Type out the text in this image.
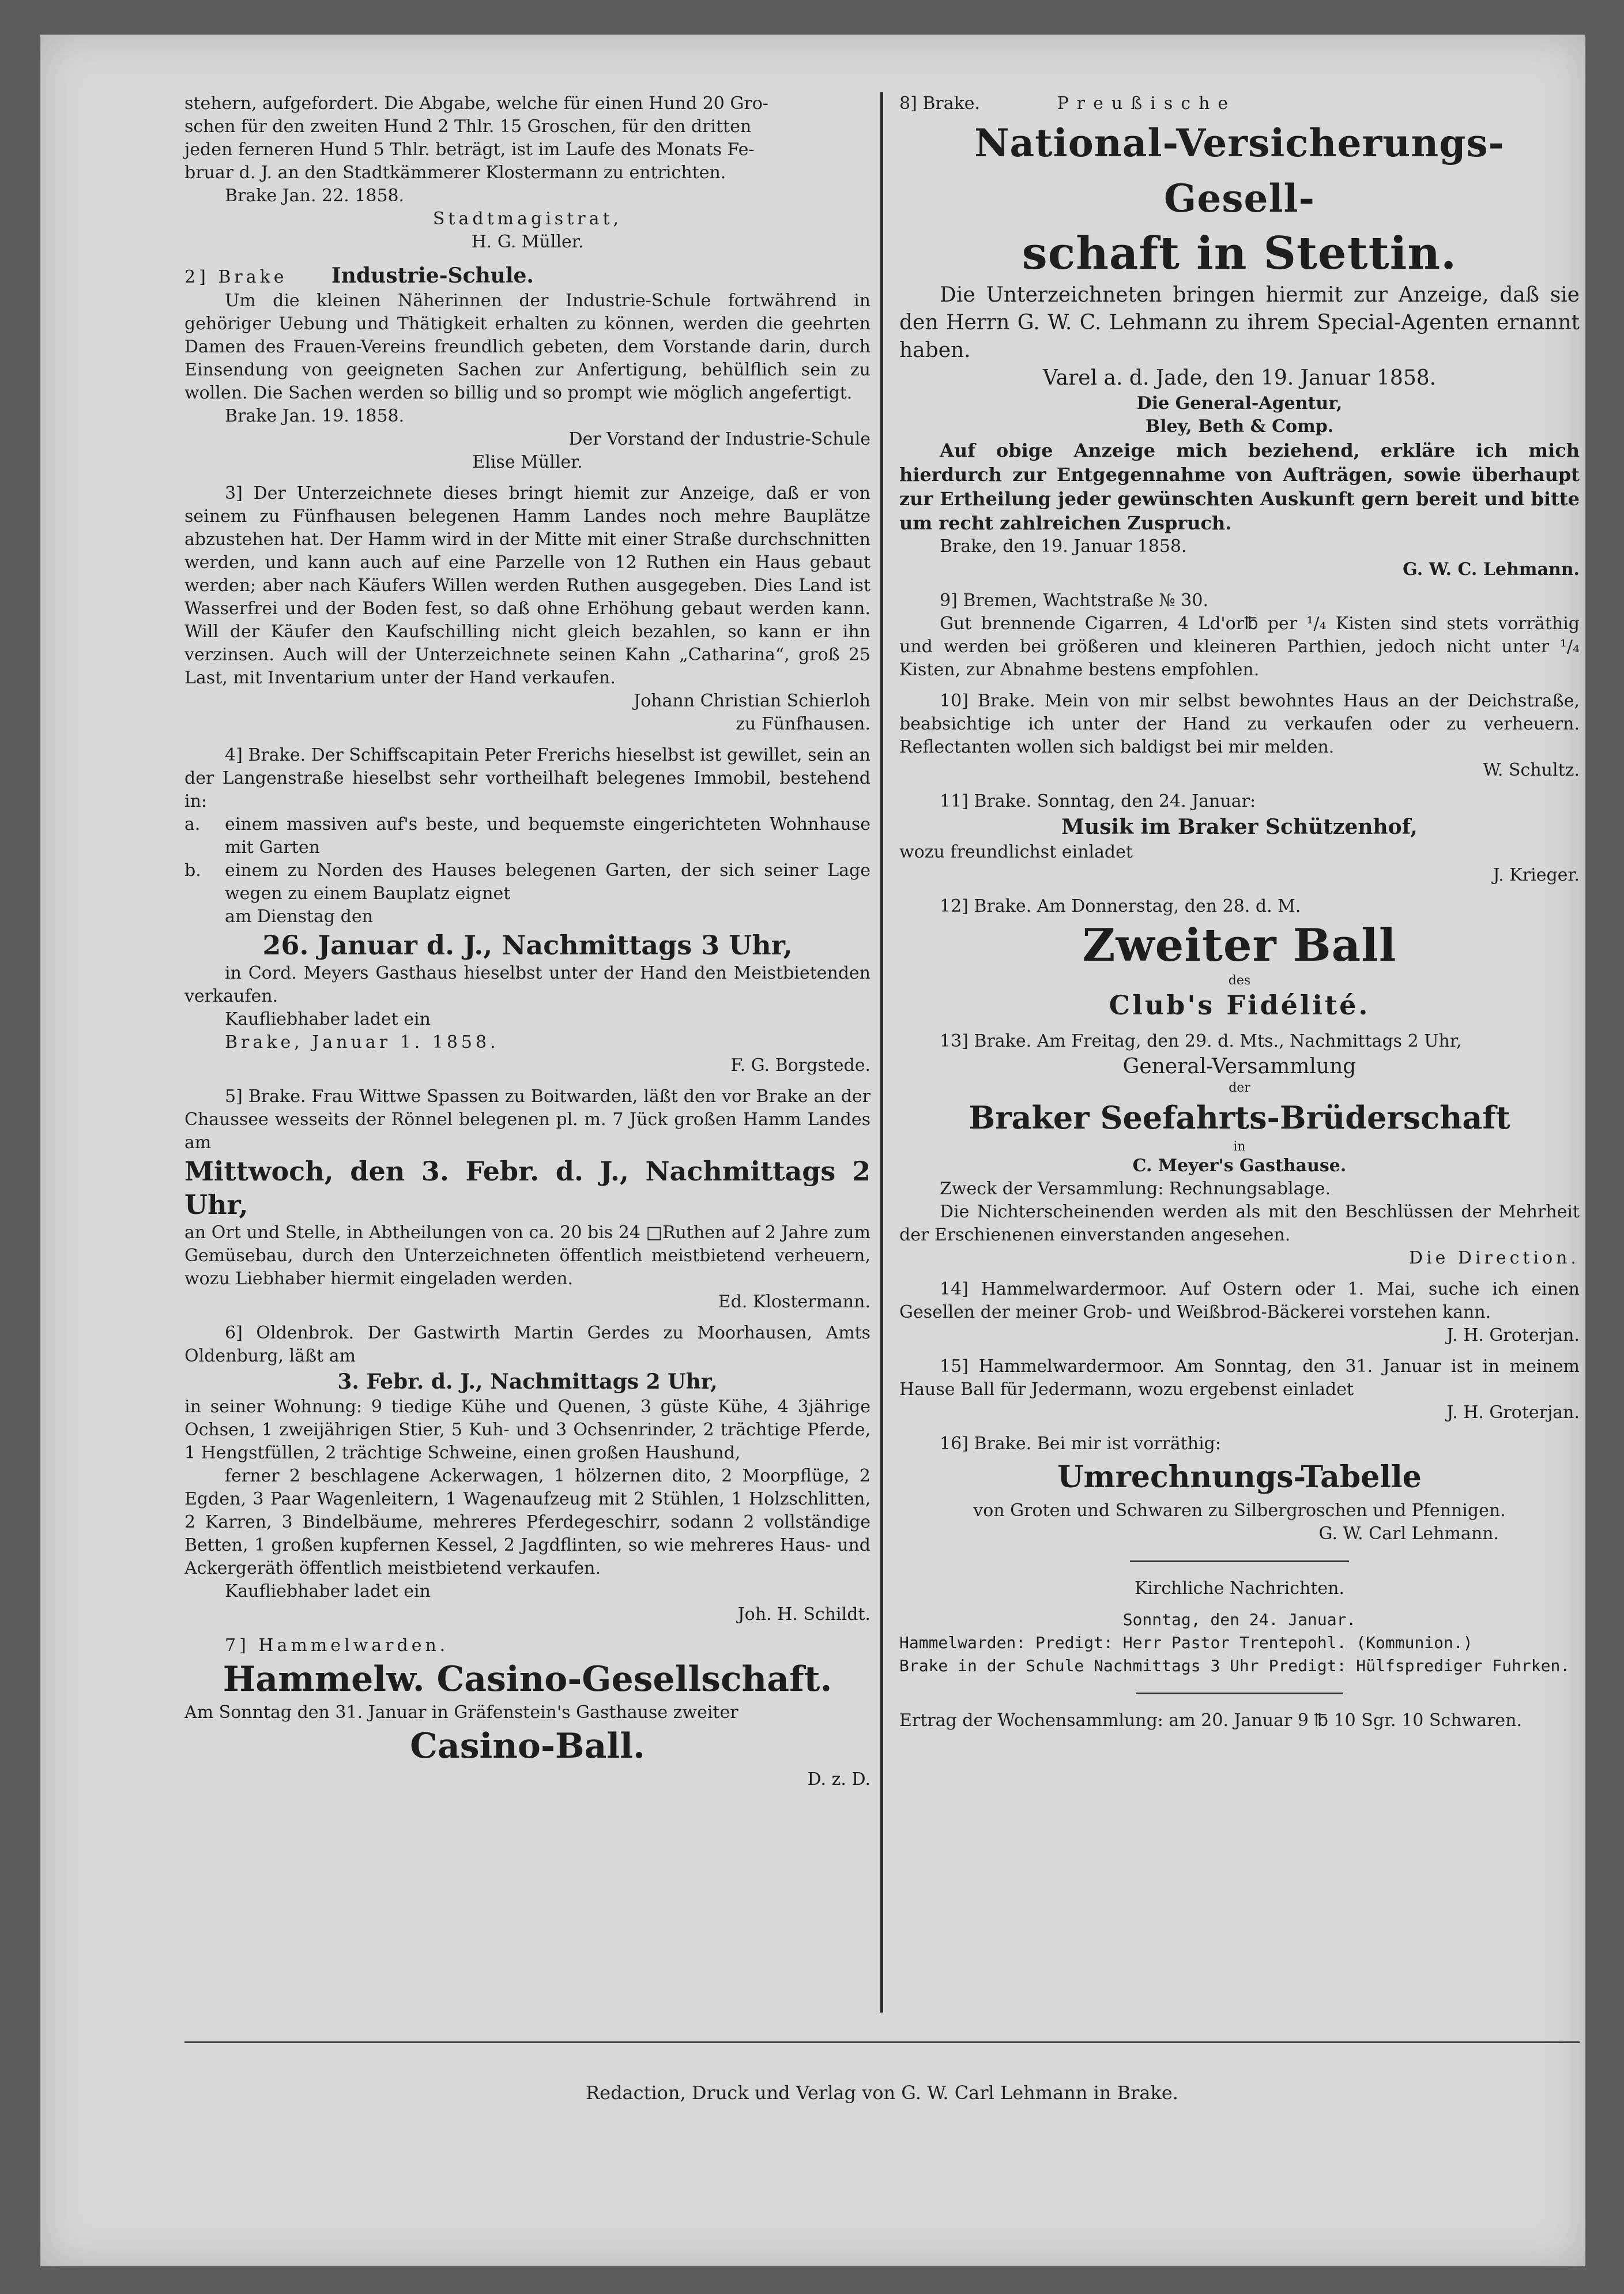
stehern, aufgefordert. Die Abgabe, welche für einen Hund 20 Gro-

schen für den zweiten Hund 2 Thlr. 15 Groschen, für den dritten

jeden ferneren Hund 5 Thlr. beträgt, ist im Laufe des Monats Fe-

bruar d. J. an den Stadtkämmerer Klostermann zu entrichten.

Brake Jan. 22. 1858.

Stadtmagistrat,

H. G. Müller.

2] Brake Industrie-Schule.

Um die kleinen Näherinnen der Industrie-Schule fortwährend in gehöriger Uebung und Thätigkeit erhalten zu können, werden die geehrten Damen des Frauen-Vereins freundlich gebeten, dem Vorstande darin, durch Einsendung von geeigneten Sachen zur Anfertigung, behülflich sein zu wollen. Die Sachen werden so billig und so prompt wie möglich angefertigt.

Brake Jan. 19. 1858.

Der Vorstand der Industrie-Schule

Elise Müller.

3] Der Unterzeichnete dieses bringt hiemit zur Anzeige, daß er von seinem zu Fünfhausen belegenen Hamm Landes noch mehre Bauplätze abzustehen hat. Der Hamm wird in der Mitte mit einer Straße durchschnitten werden, und kann auch auf eine Parzelle von 12 Ruthen ein Haus gebaut werden; aber nach Käufers Willen werden Ruthen ausgegeben. Dies Land ist Wasserfrei und der Boden fest, so daß ohne Erhöhung gebaut werden kann. Will der Käufer den Kaufschilling nicht gleich bezahlen, so kann er ihn verzinsen. Auch will der Unterzeichnete seinen Kahn „Catharina“, groß 25 Last, mit Inventarium unter der Hand verkaufen.

Johann Christian Schierloh

zu Fünfhausen.

4] Brake. Der Schiffscapitain Peter Frerichs hieselbst ist gewillet, sein an der Langenstraße hieselbst sehr vortheilhaft belegenes Immobil, bestehend in:

a.	einem massiven auf's beste, und bequemste eingerichteten Wohnhause mit Garten

b.	einem zu Norden des Hauses belegenen Garten, der sich seiner Lage wegen zu einem Bauplatz eignet

am Dienstag den

26. Januar d. J., Nachmittags 3 Uhr,

in Cord. Meyers Gasthaus hieselbst unter der Hand den Meistbietenden verkaufen.

Kaufliebhaber ladet ein

Brake, Januar 1. 1858.

F. G. Borgstede.

5] Brake. Frau Wittwe Spassen zu Boitwarden, läßt den vor Brake an der Chaussee wesseits der Rönnel belegenen pl. m. 7 Jück großen Hamm Landes am

Mittwoch, den 3. Febr. d. J., Nachmittags 2 Uhr,

an Ort und Stelle, in Abtheilungen von ca. 20 bis 24 □Ruthen auf 2 Jahre zum Gemüsebau, durch den Unterzeichneten öffentlich meistbietend verheuern, wozu Liebhaber hiermit eingeladen werden.

Ed. Klostermann.

6] Oldenbrok. Der Gastwirth Martin Gerdes zu Moorhausen, Amts Oldenburg, läßt am

3. Febr. d. J., Nachmittags 2 Uhr,

in seiner Wohnung: 9 tiedige Kühe und Quenen, 3 güste Kühe, 4 3jährige Ochsen, 1 zweijährigen Stier, 5 Kuh- und 3 Ochsenrinder, 2 trächtige Pferde, 1 Hengstfüllen, 2 trächtige Schweine, einen großen Haushund,

ferner 2 beschlagene Ackerwagen, 1 hölzernen dito, 2 Moorpflüge, 2 Egden, 3 Paar Wagenleitern, 1 Wagenaufzeug mit 2 Stühlen, 1 Holzschlitten, 2 Karren, 3 Bindelbäume, mehreres Pferdegeschirr, sodann 2 vollständige Betten, 1 großen kupfernen Kessel, 2 Jagdflinten, so wie mehreres Haus- und Ackergeräth öffentlich meistbietend verkaufen.

Kaufliebhaber ladet ein

Joh. H. Schildt.

7] Hammelwarden.

Hammelw. Casino-Gesellschaft.

Am Sonntag den 31. Januar in Gräfenstein's Gasthause zweiter

Casino-Ball.

D. z. D.

8] Brake.	Preußische

National-Versicherungs-Gesell-

schaft in Stettin.

Die Unterzeichneten bringen hiermit zur Anzeige, daß sie den Herrn G. W. C. Lehmann zu ihrem Special-Agenten ernannt haben.

Varel a. d. Jade, den 19. Januar 1858.

Die General-Agentur,

Bley, Beth & Comp.

Auf obige Anzeige mich beziehend, erkläre ich mich hierdurch zur Entgegennahme von Aufträgen, sowie überhaupt zur Ertheilung jeder gewünschten Auskunft gern bereit und bitte um recht zahlreichen Zuspruch.

Brake, den 19. Januar 1858.

G. W. C. Lehmann.

9] Bremen, Wachtstraße № 30.

Gut brennende Cigarren, 4 Ld'or℔ per ¹/₄ Kisten sind stets vorräthig und werden bei größeren und kleineren Parthien, jedoch nicht unter ¹/₄ Kisten, zur Abnahme bestens empfohlen.

10] Brake. Mein von mir selbst bewohntes Haus an der Deichstraße, beabsichtige ich unter der Hand zu verkaufen oder zu verheuern. Reflectanten wollen sich baldigst bei mir melden.

W. Schultz.

11] Brake. Sonntag, den 24. Januar:

Musik im Braker Schützenhof,

wozu freundlichst einladet

J. Krieger.

12] Brake. Am Donnerstag, den 28. d. M.

Zweiter Ball

des

Club's Fidélité.

13] Brake. Am Freitag, den 29. d. Mts., Nachmittags 2 Uhr,

General-Versammlung

der

Braker Seefahrts-Brüderschaft

in

C. Meyer's Gasthause.

Zweck der Versammlung: Rechnungsablage.

Die Nichterscheinenden werden als mit den Beschlüssen der Mehrheit der Erschienenen einverstanden angesehen.

Die Direction.

14] Hammelwardermoor. Auf Ostern oder 1. Mai, suche ich einen Gesellen der meiner Grob- und Weißbrod-Bäckerei vorstehen kann.

J. H. Groterjan.

15] Hammelwardermoor. Am Sonntag, den 31. Januar ist in meinem Hause Ball für Jedermann, wozu ergebenst einladet

J. H. Groterjan.

16] Brake. Bei mir ist vorräthig:

Umrechnungs-Tabelle

von Groten und Schwaren zu Silbergroschen und Pfennigen.

G. W. Carl Lehmann.

Kirchliche Nachrichten.

Sonntag, den 24. Januar.

Hammelwarden: Predigt: Herr Pastor Trentepohl. (Kommunion.)

Brake in der Schule Nachmittags 3 Uhr Predigt: Hülfsprediger Fuhrken.

Ertrag der Wochensammlung: am 20. Januar 9 ℔ 10 Sgr. 10 Schwaren.

Redaction, Druck und Verlag von G. W. Carl Lehmann in Brake.
